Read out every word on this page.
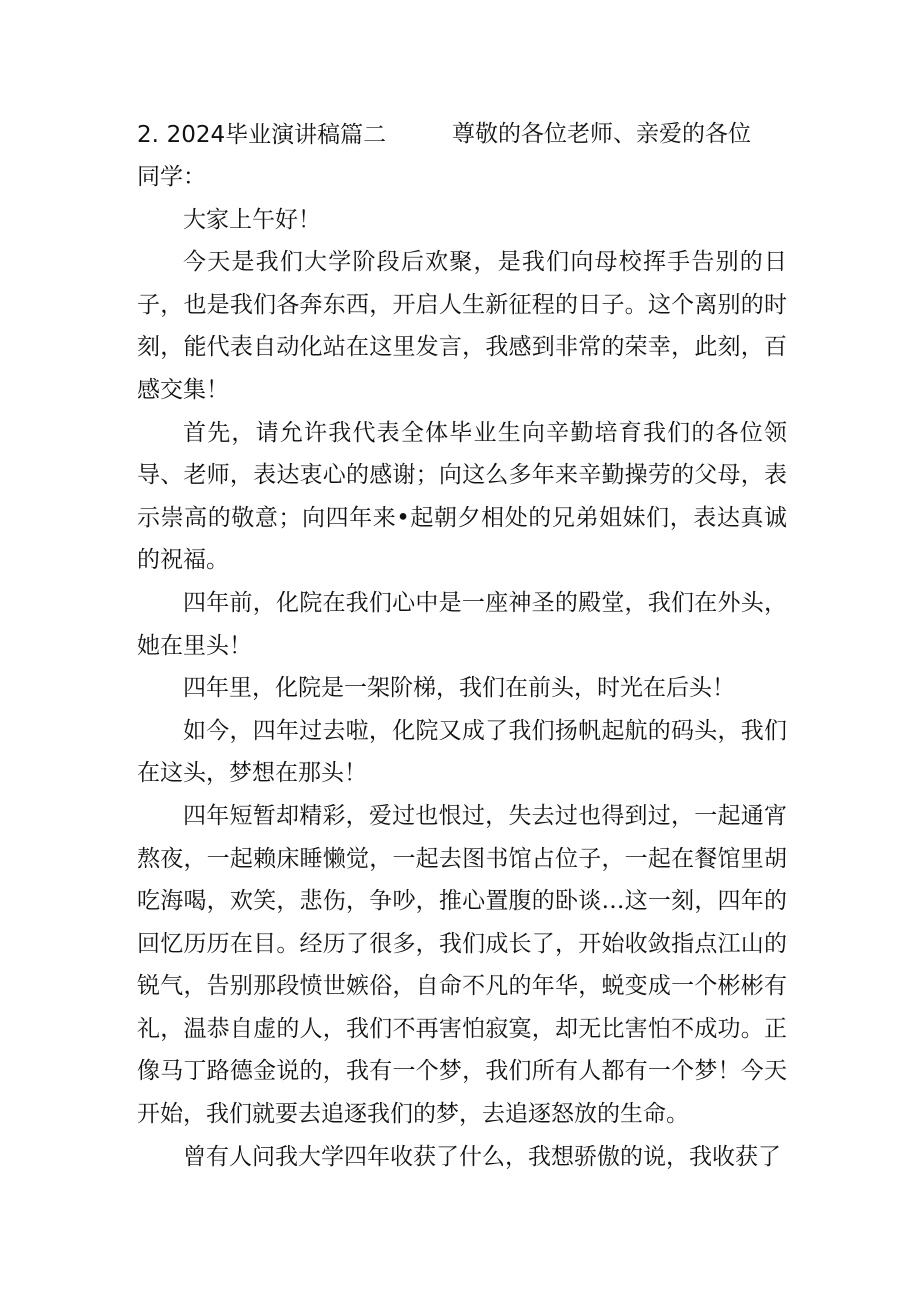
2. 2024毕业演讲稿篇二	尊敬的各位老师、亲爱的各位

同学：

大家上午好！

今天是我们大学阶段后欢聚，是我们向母校挥手告别的日子，也是我们各奔东西，开启人生新征程的日子。这个离别的时刻，能代表自动化站在这里发言，我感到非常的荣幸，此刻，百感交集！

首先，请允许我代表全体毕业生向辛勤培育我们的各位领导、老师，表达衷心的感谢；向这么多年来辛勤操劳的父母，表示崇高的敬意；向四年来•起朝夕相处的兄弟姐妹们，表达真诚的祝福。

四年前，化院在我们心中是一座神圣的殿堂，我们在外头，她在里头！

四年里，化院是一架阶梯，我们在前头，时光在后头！

如今，四年过去啦，化院又成了我们扬帆起航的码头，我们在这头，梦想在那头！

四年短暂却精彩，爱过也恨过，失去过也得到过，一起通宵熬夜，一起赖床睡懒觉，一起去图书馆占位子，一起在餐馆里胡吃海喝，欢笑，悲伤，争吵，推心置腹的卧谈…这一刻，四年的回忆历历在目。经历了很多，我们成长了，开始收敛指点江山的锐气，告别那段愤世嫉俗，自命不凡的年华，蜕变成一个彬彬有礼，温恭自虚的人，我们不再害怕寂寞，却无比害怕不成功。正像马丁路德金说的，我有一个梦，我们所有人都有一个梦！今天开始，我们就要去追逐我们的梦，去追逐怒放的生命。

曾有人问我大学四年收获了什么，我想骄傲的说，我收获了
